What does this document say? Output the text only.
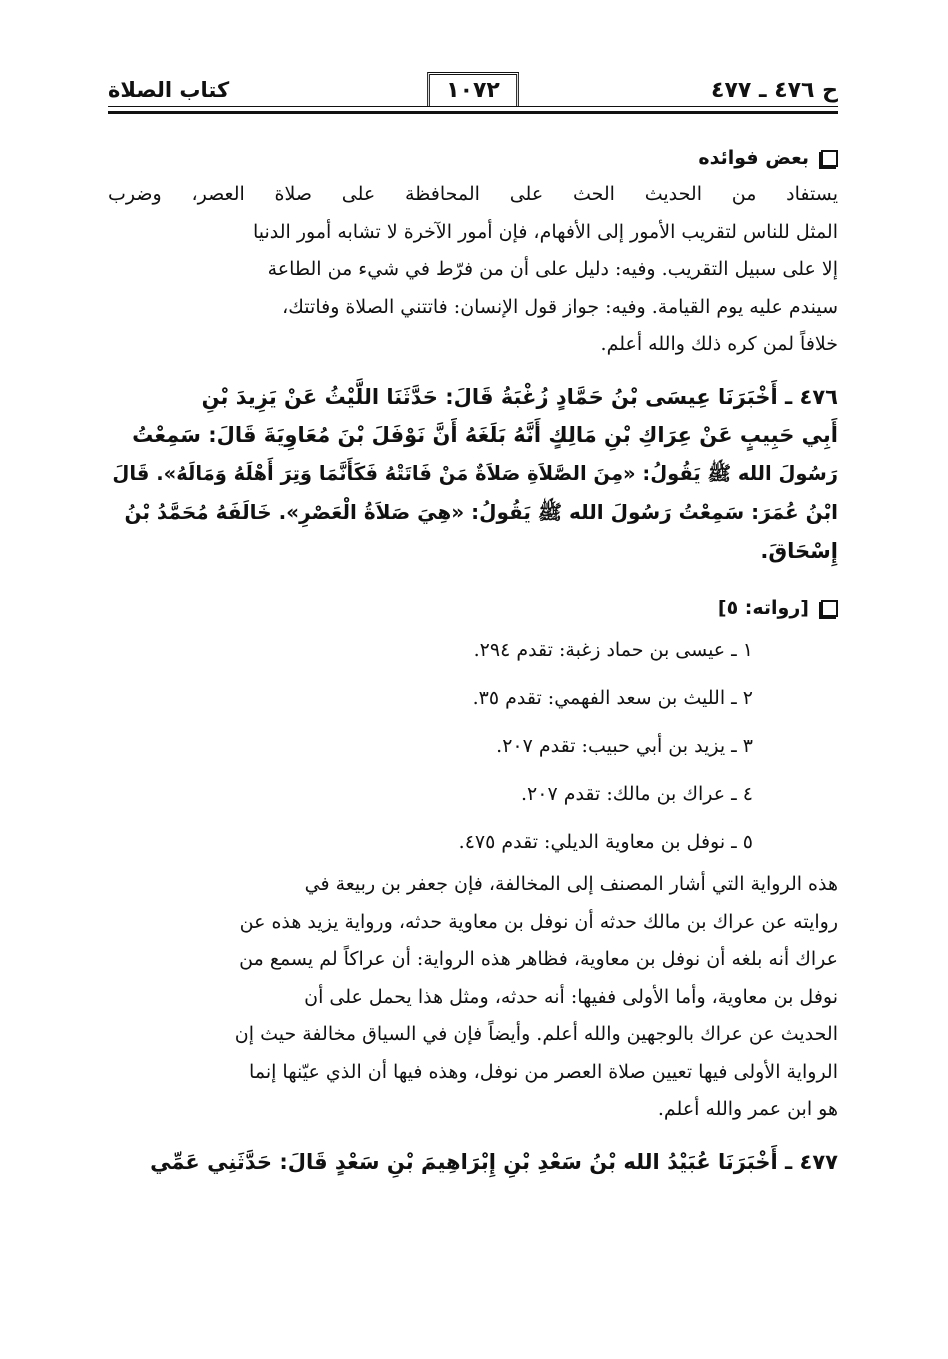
ح ٤٧٦ ـ ٤٧٧
١٠٧٢
كتاب الصلاة
بعض فوائده

يستفاد من الحديث الحث على المحافظة على صلاة العصر، وضرب
المثل للناس لتقريب الأمور إلى الأفهام، فإن أمور الآخرة لا تشابه أمور الدنيا
إلا على سبيل التقريب. وفيه: دليل على أن من فرّط في شيء من الطاعة
سيندم عليه يوم القيامة. وفيه: جواز قول الإنسان: فاتتني الصلاة وفاتتك،
خلافاً لمن كره ذلك والله أعلم.

٤٧٦ ـ أَخْبَرَنَا عِيسَى بْنُ حَمَّادٍ زُغْبَةُ قَالَ: حَدَّثَنَا اللَّيْثُ عَنْ يَزِيدَ بْنِ
أَبِي حَبِيبٍ عَنْ عِرَاكِ بْنِ مَالِكٍ أَنَّهُ بَلَغَهُ أَنَّ نَوْفَلَ بْنَ مُعَاوِيَةَ قَالَ: سَمِعْتُ
رَسُولَ الله ﷺ يَقُولُ: «مِنَ الصَّلاَةِ صَلاَةٌ مَنْ فَاتَتْهُ فَكَأَنَّمَا وَتِرَ أَهْلَهُ وَمَالَهُ». قَالَ
ابْنُ عُمَرَ: سَمِعْتُ رَسُولَ الله ﷺ يَقُولُ: «هِيَ صَلاَةُ الْعَصْرِ». خَالَفَهُ مُحَمَّدُ بْنُ
إِسْحَاقَ.

[رواته: ٥]
١ ـ عيسى بن حماد زغبة: تقدم ٢٩٤.
٢ ـ الليث بن سعد الفهمي: تقدم ٣٥.
٣ ـ يزيد بن أبي حبيب: تقدم ٢٠٧.
٤ ـ عراك بن مالك: تقدم ٢٠٧.
٥ ـ نوفل بن معاوية الديلي: تقدم ٤٧٥.

هذه الرواية التي أشار المصنف إلى المخالفة، فإن جعفر بن ربيعة في
روايته عن عراك بن مالك حدثه أن نوفل بن معاوية حدثه، ورواية يزيد هذه عن
عراك أنه بلغه أن نوفل بن معاوية، فظاهر هذه الرواية: أن عراكاً لم يسمع من
نوفل بن معاوية، وأما الأولى ففيها: أنه حدثه، ومثل هذا يحمل على أن
الحديث عن عراك بالوجهين والله أعلم. وأيضاً فإن في السياق مخالفة حيث إن
الرواية الأولى فيها تعيين صلاة العصر من نوفل، وهذه فيها أن الذي عيّنها إنما
هو ابن عمر والله أعلم.

٤٧٧ ـ أَخْبَرَنَا عُبَيْدُ الله بْنُ سَعْدِ بْنِ إِبْرَاهِيمَ بْنِ سَعْدٍ قَالَ: حَدَّثَنِي عَمِّي
